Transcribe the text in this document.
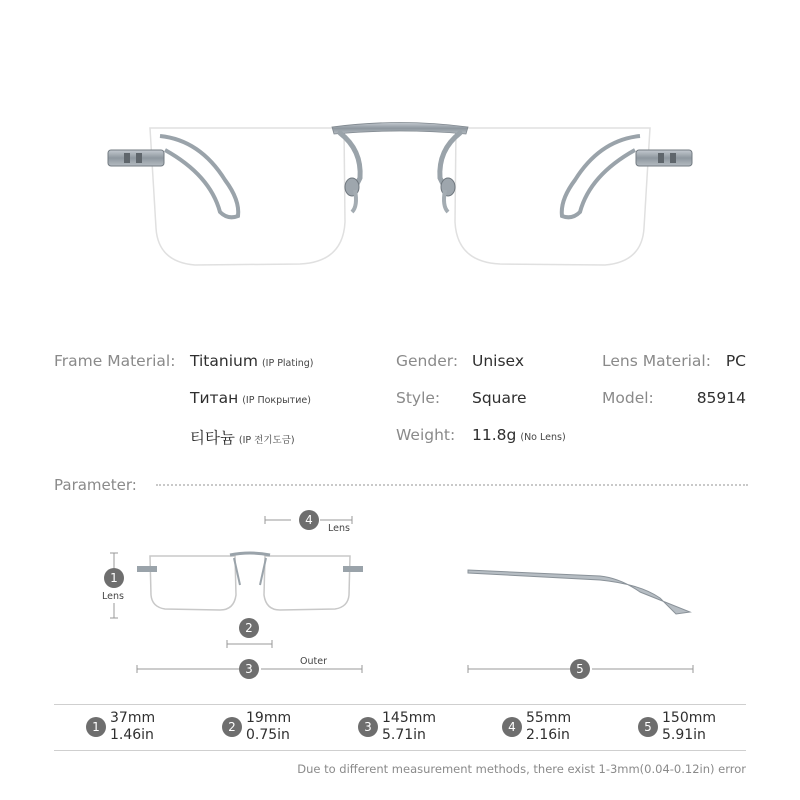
Frame Material: Titanium (IP Plating)
Титан (IP Покрытие)
티타늄 (IP 전기도금)
Gender: Unisex
Style: Square
Weight: 11.8g (No Lens)
Lens Material: PC
Model:	85914
Parameter:
4
Lens
1
Lens
2
3
Outer
5
1
37mm
1.46in	2
19mm
0.75in	3
145mm
5.71in	4
55mm
2.16in	5
150mm
5.91in
Due to different measurement methods, there exist 1-3mm(0.04-0.12in) error
